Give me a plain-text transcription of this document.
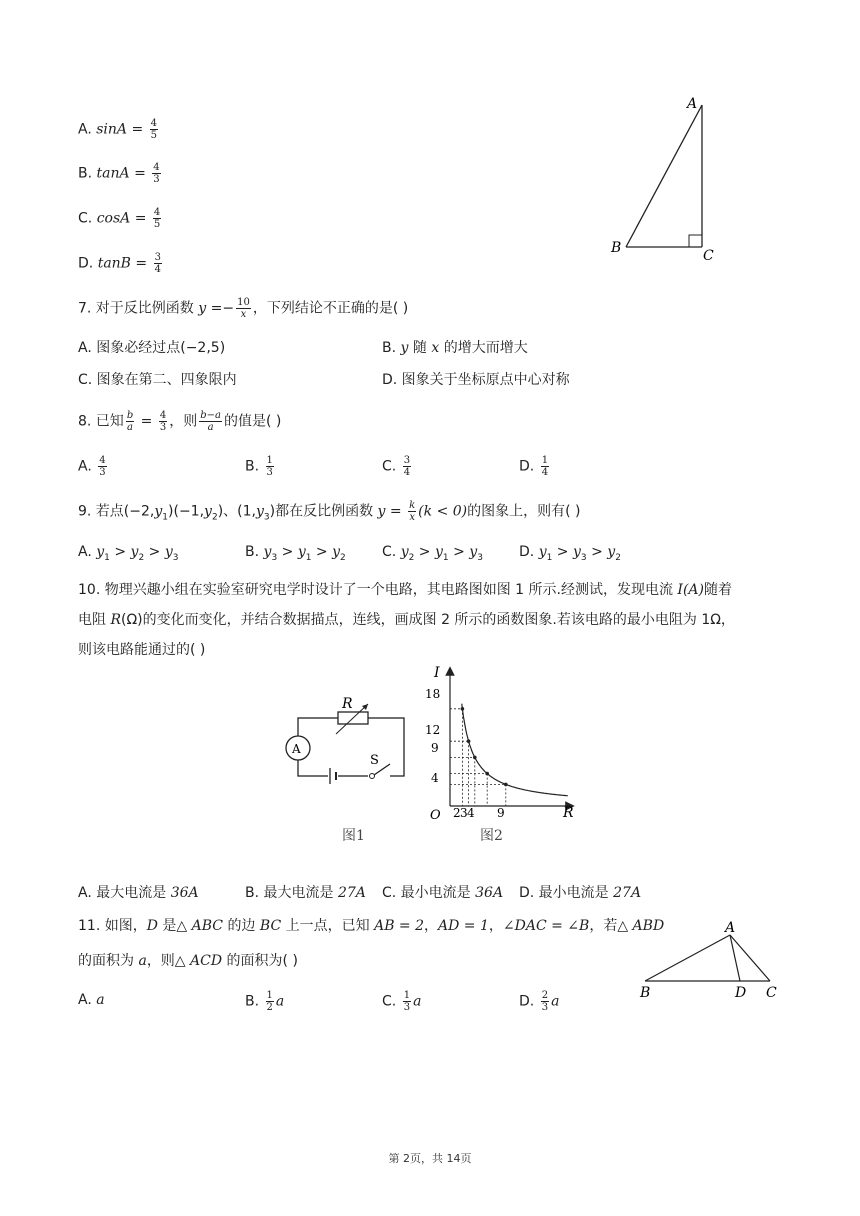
A. $\sin A = \frac{4}{5}$
B. $\tan A = \frac{4}{3}$
C. $\cos A = \frac{4}{5}$
D. $\tan B = \frac{3}{4}$
A
B	C
7. 对于反比例函数 $y =- \frac{10}{x}$ ，下列结论不正确的是( )
A. 图象必经过点(−2,5)	B. y 随 x 的增大而增大
C. 图象在第二、四象限内	D. 图象关于坐标原点中心对称
8. 已知 $\frac{b}{a} = \frac{4}{3}$ ，则 $\frac{b-a}{a}$ 的值是( )
A. $\frac{4}{3}$	B. $\frac{1}{3}$	C. $\frac{3}{4}$	D. $\frac{1}{4}$
9. 若点$(-2,y_1)(-1,y_2)$、$(1,y_3)$都在反比例函数 $y = \frac{k}{x} (k < 0)$的图象上，则有( )
A. $y_1 > y_2 > y_3$	B. $y_3 > y_1 > y_2$	C. $y_2 > y_1 > y_3$	D. $y_1 > y_3 > y_2$
10. 物理兴趣小组在实验室研究电学时设计了一个电路，其电路图如图 1 所示.经测试，发现电流 I(A)随着
电阻 R(Ω)的变化而变化，并结合数据描点，连线，画成图 2 所示的函数图象.若该电路的最小电阻为 1Ω，
则该电路能通过的( )
R
A
S
图1
I
R
O
18
12
9
4
2 3 4 9
图2
A. 最大电流是 36A	B. 最大电流是 27A C. 最小电流是 36A D. 最小电流是 27A
11. 如图，D 是△ ABC 的边 BC 上一点，已知 AB = 2，AD = 1，∠DAC = ∠B，若△ ABD
的面积为 a，则△ ACD 的面积为( )
A. a	B. $\frac{1}{2}$ a	C. $\frac{1}{3}$ a	D. $\frac{2}{3}$ a
A
B	D C
第 2页，共 14页
